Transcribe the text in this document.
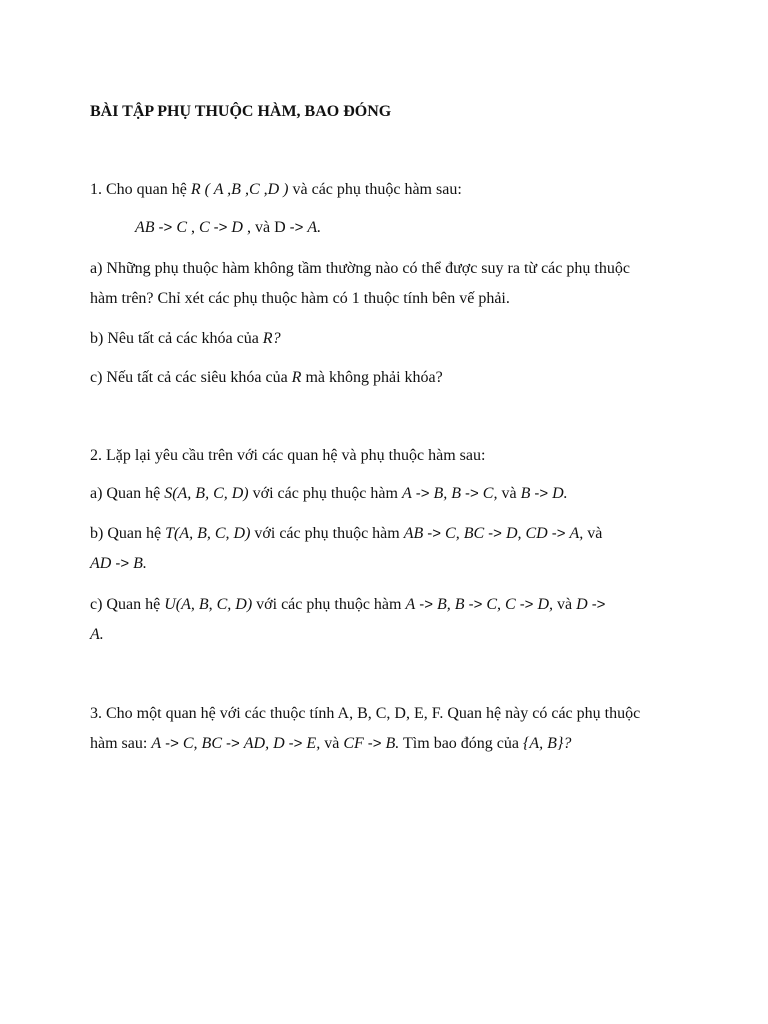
BÀI TẬP PHỤ THUỘC HÀM, BAO ĐÓNG

1. Cho quan hệ R ( A ,B ,C ,D ) và các phụ thuộc hàm sau:

AB -> C , C -> D , và D -> A.

a) Những phụ thuộc hàm không tầm thường nào có thể được suy ra từ các phụ thuộc
hàm trên? Chỉ xét các phụ thuộc hàm có 1 thuộc tính bên vế phải.

b) Nêu tất cả các khóa của R?

c) Nếu tất cả các siêu khóa của R mà không phải khóa?

2. Lặp lại yêu cầu trên với các quan hệ và phụ thuộc hàm sau:

a) Quan hệ S(A, B, C, D) với các phụ thuộc hàm A -> B, B -> C, và B -> D.

b) Quan hệ T(A, B, C, D) với các phụ thuộc hàm AB -> C, BC -> D, CD -> A, và
AD -> B.

c) Quan hệ U(A, B, C, D) với các phụ thuộc hàm A -> B, B -> C, C -> D, và D ->
A.

3. Cho một quan hệ với các thuộc tính A, B, C, D, E, F. Quan hệ này có các phụ thuộc
hàm sau: A -> C, BC -> AD, D -> E, và CF -> B. Tìm bao đóng của {A, B}?
